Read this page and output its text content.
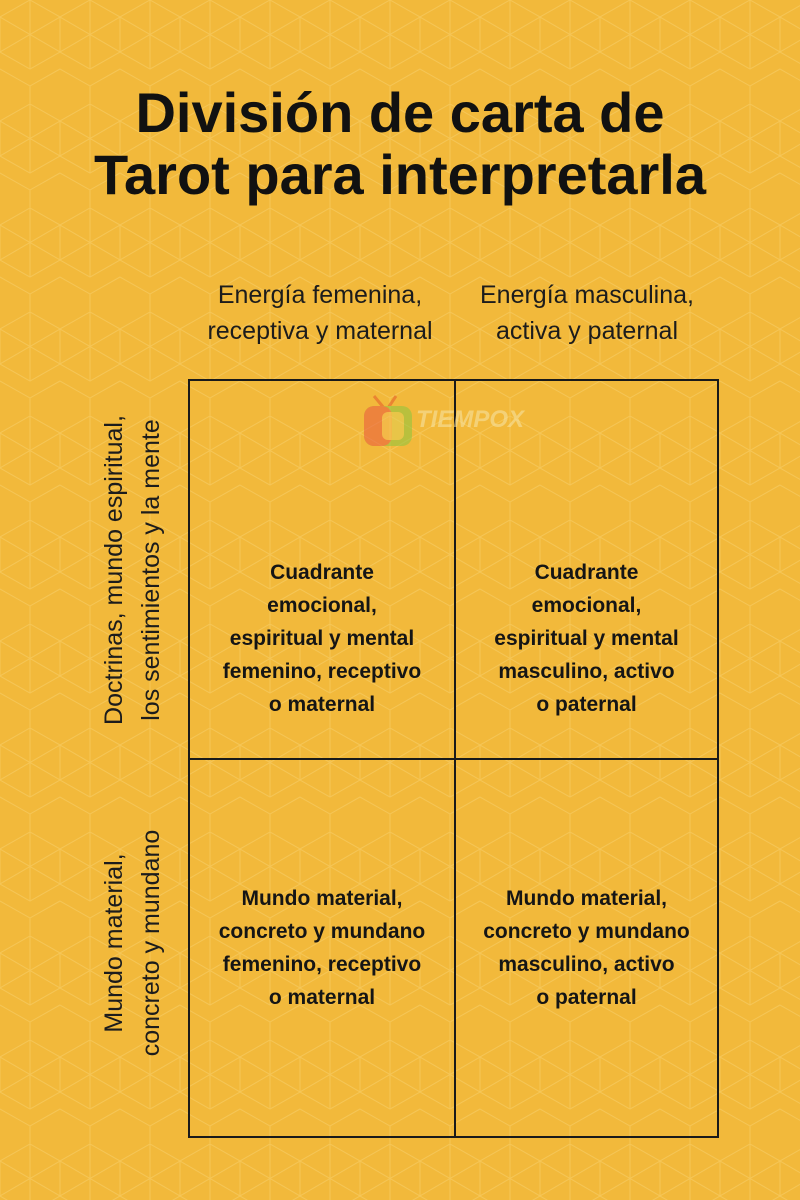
División de carta de
Tarot para interpretarla
Energía femenina,
receptiva y maternal
Energía masculina,
activa y paternal
Doctrinas, mundo espiritual, los sentimientos y la mente
Mundo material, concreto y mundano
Cuadrante
emocional,
espiritual y mental
femenino, receptivo
o maternal
Cuadrante
emocional,
espiritual y mental
masculino, activo
o paternal
Mundo material,
concreto y mundano
femenino, receptivo
o maternal
Mundo material,
concreto y mundano
masculino, activo
o paternal
TIEMPOX
